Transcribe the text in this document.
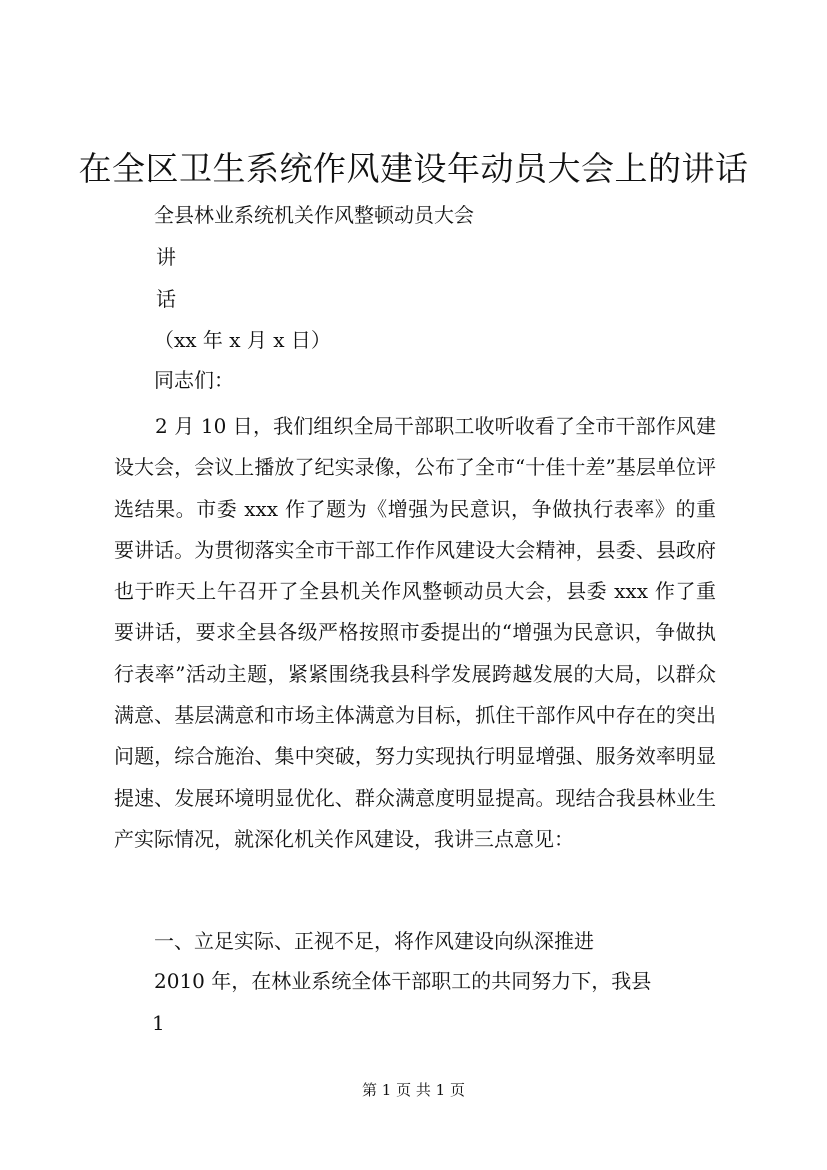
在全区卫生系统作风建设年动员大会上的讲话

全县林业系统机关作风整顿动员大会

讲

话

（xx 年 x 月 x 日）

同志们：

2 月 10 日，我们组织全局干部职工收听收看了全市干部作风建设大会，会议上播放了纪实录像，公布了全市“十佳十差”基层单位评选结果。市委 xxx 作了题为《增强为民意识，争做执行表率》的重要讲话。为贯彻落实全市干部工作作风建设大会精神，县委、县政府也于昨天上午召开了全县机关作风整顿动员大会，县委 xxx 作了重要讲话，要求全县各级严格按照市委提出的“增强为民意识，争做执行表率”活动主题，紧紧围绕我县科学发展跨越发展的大局，以群众满意、基层满意和市场主体满意为目标，抓住干部作风中存在的突出问题，综合施治、集中突破，努力实现执行明显增强、服务效率明显提速、发展环境明显优化、群众满意度明显提高。现结合我县林业生产实际情况，就深化机关作风建设，我讲三点意见：

一、立足实际、正视不足，将作风建设向纵深推进

2010 年，在林业系统全体干部职工的共同努力下，我县

1

第 1 页 共 1 页
